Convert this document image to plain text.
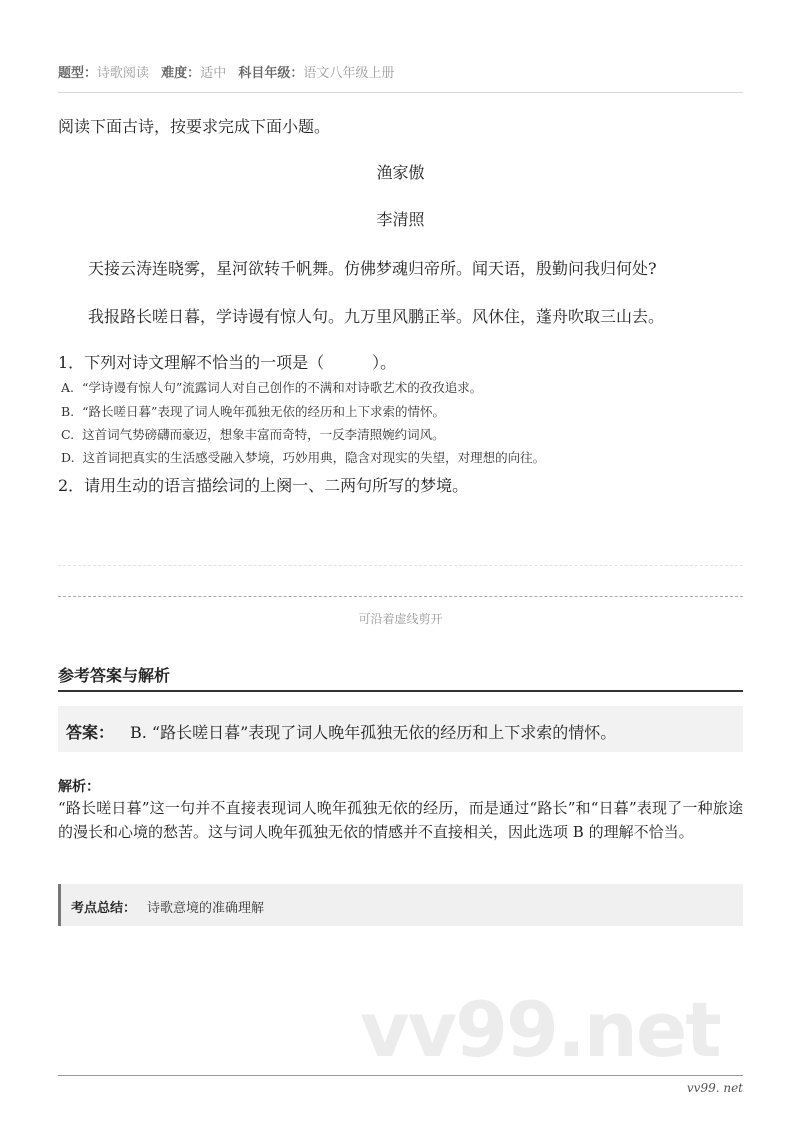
题型：诗歌阅读 难度：适中 科目年级：语文八年级上册
阅读下面古诗，按要求完成下面小题。
渔家傲
李清照
天接云涛连晓雾，星河欲转千帆舞。仿佛梦魂归帝所。闻天语，殷勤问我归何处?
我报路长嗟日暮，学诗谩有惊人句。九万里风鹏正举。风休住，蓬舟吹取三山去。
1．下列对诗文理解不恰当的一项是（　　　）。
A. “学诗谩有惊人句”流露词人对自己创作的不满和对诗歌艺术的孜孜追求。
B. “路长嗟日暮”表现了词人晚年孤独无依的经历和上下求索的情怀。
C. 这首词气势磅礴而豪迈，想象丰富而奇特，一反李清照婉约词风。
D. 这首词把真实的生活感受融入梦境，巧妙用典，隐含对现实的失望，对理想的向往。
2．请用生动的语言描绘词的上阕一、二两句所写的梦境。
可沿着虚线剪开
参考答案与解析
答案： B. “路长嗟日暮”表现了词人晚年孤独无依的经历和上下求索的情怀。
解析：
“路长嗟日暮”这一句并不直接表现词人晚年孤独无依的经历，而是通过“路长”和“日暮”表现了一种旅途的漫长和心境的愁苦。这与词人晚年孤独无依的情感并不直接相关，因此选项 B 的理解不恰当。
考点总结： 诗歌意境的准确理解
vv99.net
vv99. net
